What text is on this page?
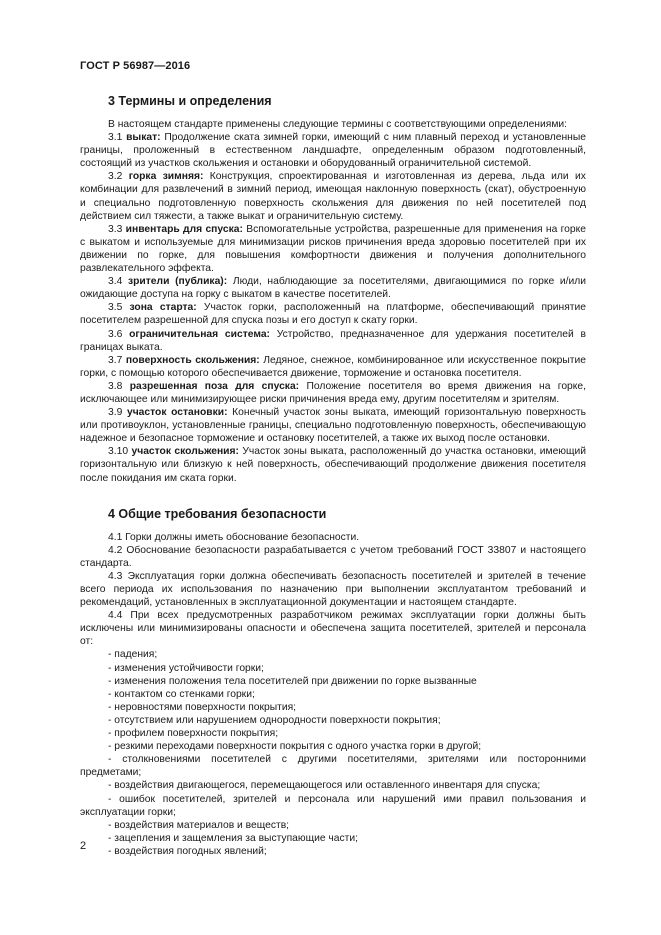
ГОСТ Р 56987—2016
3 Термины и определения

В настоящем стандарте применены следующие термины с соответствующими определениями:

3.1 выкат: Продолжение ската зимней горки, имеющий с ним плавный переход и установленные границы, проложенный в естественном ландшафте, определенным образом подготовленный, состоящий из участков скольжения и остановки и оборудованный ограничительной системой.

3.2 горка зимняя: Конструкция, спроектированная и изготовленная из дерева, льда или их комбинации для развлечений в зимний период, имеющая наклонную поверхность (скат), обустроенную и специально подготовленную поверхность скольжения для движения по ней посетителей под действием сил тяжести, а также выкат и ограничительную систему.

3.3 инвентарь для спуска: Вспомогательные устройства, разрешенные для применения на горке с выкатом и используемые для минимизации рисков причинения вреда здоровью посетителей при их движении по горке, для повышения комфортности движения и получения дополнительного развлекательного эффекта.

3.4 зрители (публика): Люди, наблюдающие за посетителями, двигающимися по горке и/или ожидающие доступа на горку с выкатом в качестве посетителей.

3.5 зона старта: Участок горки, расположенный на платформе, обеспечивающий принятие посетителем разрешенной для спуска позы и его доступ к скату горки.

3.6 ограничительная система: Устройство, предназначенное для удержания посетителей в границах выката.

3.7 поверхность скольжения: Ледяное, снежное, комбинированное или искусственное покрытие горки, с помощью которого обеспечивается движение, торможение и остановка посетителя.

3.8 разрешенная поза для спуска: Положение посетителя во время движения на горке, исключающее или минимизирующее риски причинения вреда ему, другим посетителям и зрителям.

3.9 участок остановки: Конечный участок зоны выката, имеющий горизонтальную поверхность или противоуклон, установленные границы, специально подготовленную поверхность, обеспечивающую надежное и безопасное торможение и остановку посетителей, а также их выход после остановки.

3.10 участок скольжения: Участок зоны выката, расположенный до участка остановки, имеющий горизонтальную или близкую к ней поверхность, обеспечивающий продолжение движения посетителя после покидания им ската горки.

4 Общие требования безопасности

4.1 Горки должны иметь обоснование безопасности.

4.2 Обоснование безопасности разрабатывается с учетом требований ГОСТ 33807 и настоящего стандарта.

4.3 Эксплуатация горки должна обеспечивать безопасность посетителей и зрителей в течение всего периода их использования по назначению при выполнении эксплуатантом требований и рекомендаций, установленных в эксплуатационной документации и настоящем стандарте.

4.4 При всех предусмотренных разработчиком режимах эксплуатации горки должны быть исключены или минимизированы опасности и обеспечена защита посетителей, зрителей и персонала от:

- падения;
- изменения устойчивости горки;
- изменения положения тела посетителей при движении по горке вызванные
- контактом со стенками горки;
- неровностями поверхности покрытия;
- отсутствием или нарушением однородности поверхности покрытия;
- профилем поверхности покрытия;
- резкими переходами поверхности покрытия с одного участка горки в другой;
- столкновениями посетителей с другими посетителями, зрителями или посторонними предметами;
- воздействия двигающегося, перемещающегося или оставленного инвентаря для спуска;
- ошибок посетителей, зрителей и персонала или нарушений ими правил пользования и эксплуатации горки;
- воздействия материалов и веществ;
- зацепления и защемления за выступающие части;
- воздействия погодных явлений;
2
